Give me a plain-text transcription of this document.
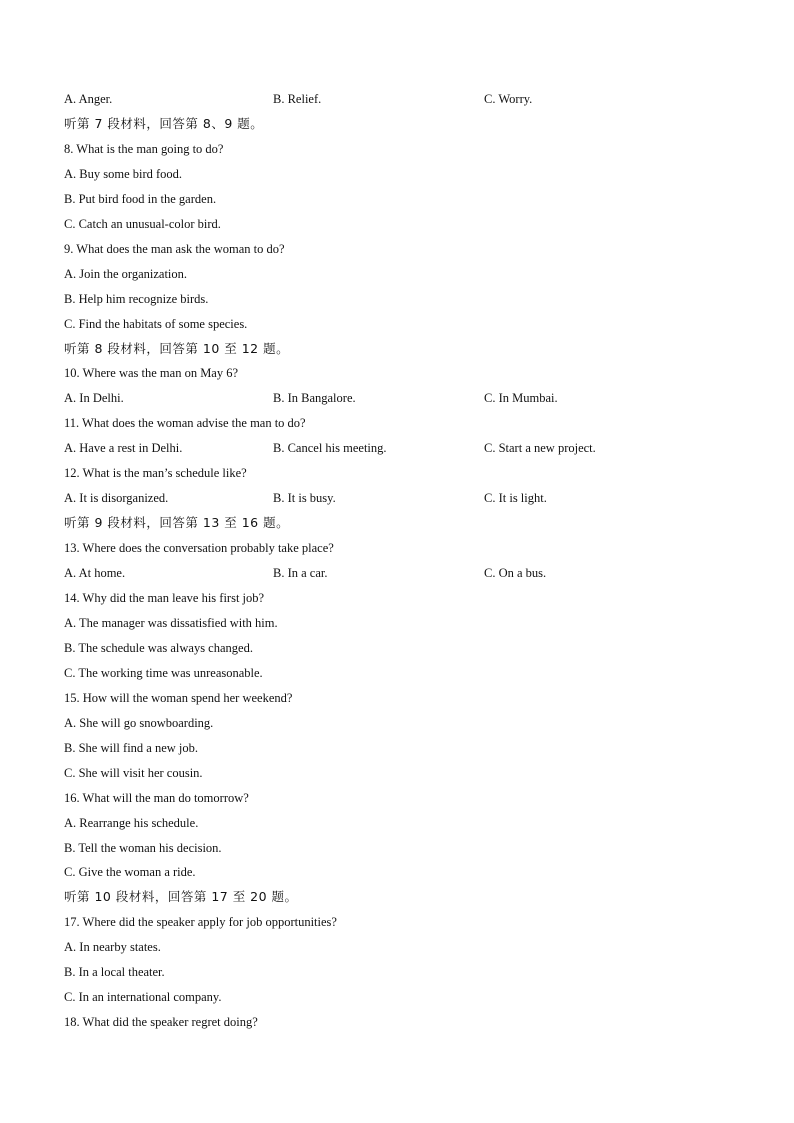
A. Anger.	B. Relief.	C. Worry.
听第 7 段材料，回答第 8、9 题。
8. What is the man going to do?
A. Buy some bird food.
B. Put bird food in the garden.
C. Catch an unusual-color bird.
9. What does the man ask the woman to do?
A. Join the organization.
B. Help him recognize birds.
C. Find the habitats of some species.
听第 8 段材料，回答第 10 至 12 题。
10. Where was the man on May 6?
A. In Delhi.	B. In Bangalore.	C. In Mumbai.
11. What does the woman advise the man to do?
A. Have a rest in Delhi.	B. Cancel his meeting.	C. Start a new project.
12. What is the man’s schedule like?
A. It is disorganized.	B. It is busy.	C. It is light.
听第 9 段材料，回答第 13 至 16 题。
13. Where does the conversation probably take place?
A. At home.	B. In a car.	C. On a bus.
14. Why did the man leave his first job?
A. The manager was dissatisfied with him.
B. The schedule was always changed.
C. The working time was unreasonable.
15. How will the woman spend her weekend?
A. She will go snowboarding.
B. She will find a new job.
C. She will visit her cousin.
16. What will the man do tomorrow?
A. Rearrange his schedule.
B. Tell the woman his decision.
C. Give the woman a ride.
听第 10 段材料，回答第 17 至 20 题。
17. Where did the speaker apply for job opportunities?
A. In nearby states.
B. In a local theater.
C. In an international company.
18. What did the speaker regret doing?
